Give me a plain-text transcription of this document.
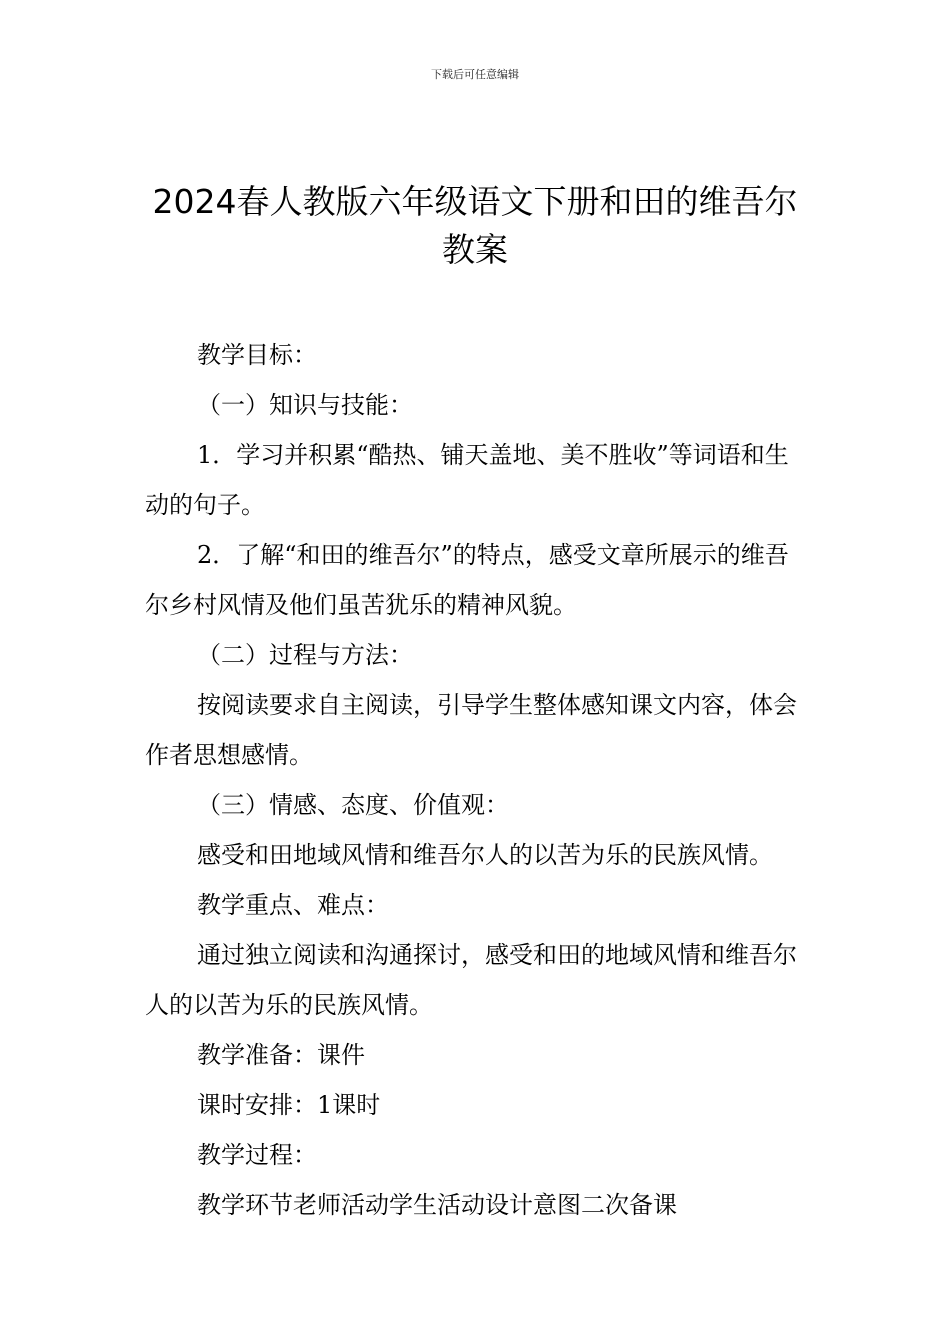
下载后可任意编辑
2024春人教版六年级语文下册和田的维吾尔教案

教学目标：

（一）知识与技能：

1．学习并积累“酷热、铺天盖地、美不胜收”等词语和生动的句子。

2．了解“和田的维吾尔”的特点，感受文章所展示的维吾尔乡村风情及他们虽苦犹乐的精神风貌。

（二）过程与方法：

按阅读要求自主阅读，引导学生整体感知课文内容，体会作者思想感情。

（三）情感、态度、价值观：

感受和田地域风情和维吾尔人的以苦为乐的民族风情。

教学重点、难点：

通过独立阅读和沟通探讨，感受和田的地域风情和维吾尔人的以苦为乐的民族风情。

教学准备：课件

课时安排：1课时

教学过程：

教学环节老师活动学生活动设计意图二次备课
